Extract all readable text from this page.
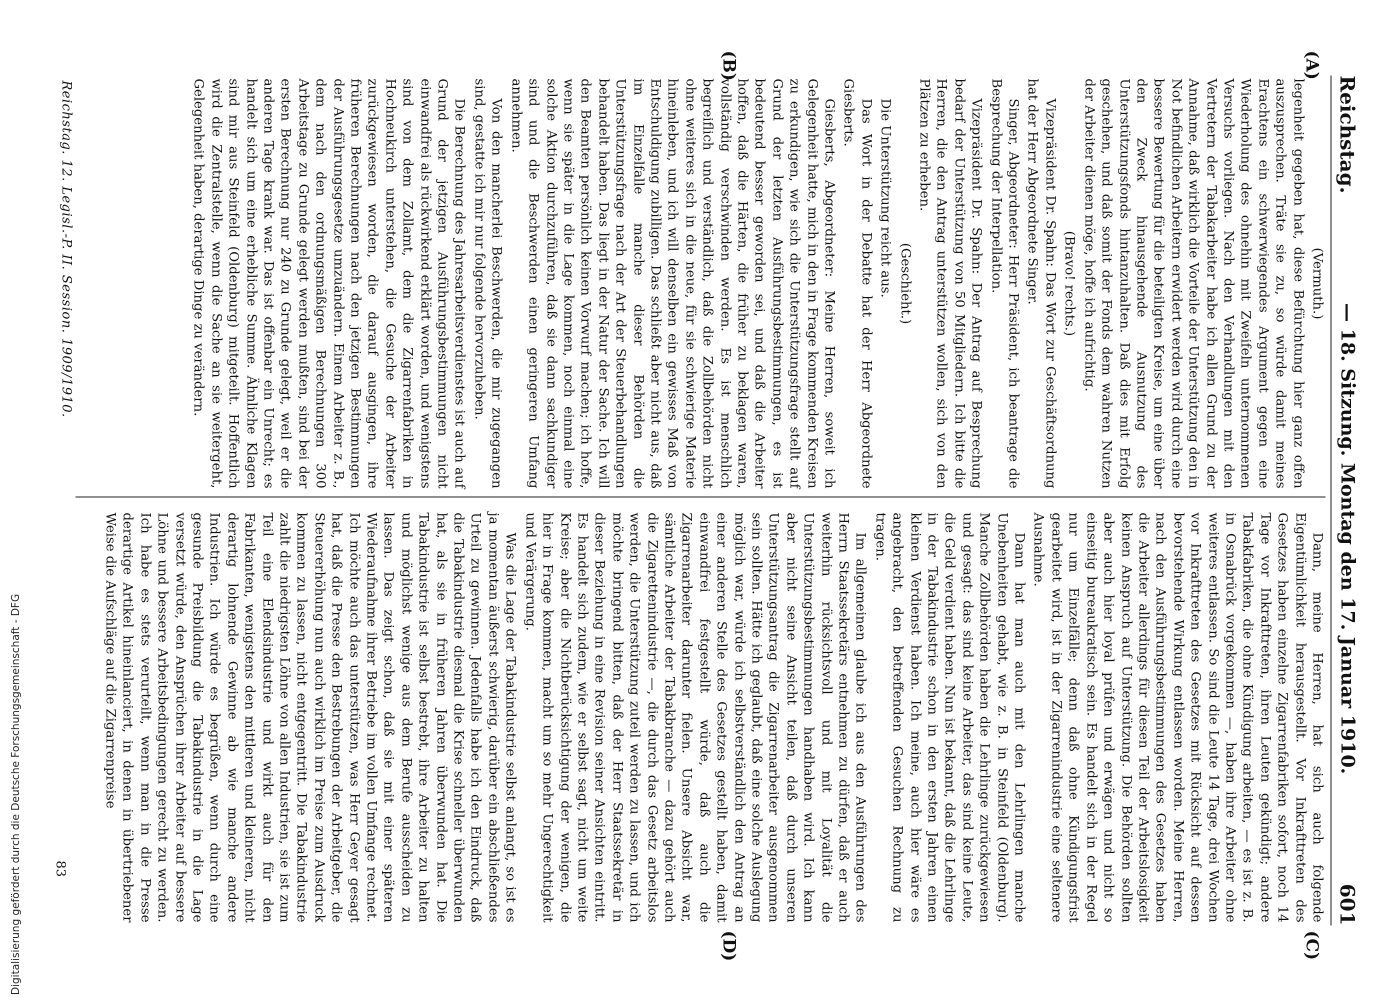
Reichstag.
— 18. Sitzung. Montag den 17. Januar 1910.
601
(A)
(B)
(C)
(D)

(Vermuth.)

legenheit gegeben hat, diese Befürchtung hier ganz offen auszusprechen. Träte sie zu, so würde damit meines Erachtens ein schwerwiegendes Argument gegen eine Wiederholung des ohnehin mit Zweifeln unternommenen Versuchs vorliegen. Nach den Verhandlungen mit den Vertretern der Tabakarbeiter habe ich allen Grund zu der Annahme, daß wirklich die Vorteile der Unterstützung den in Not befindlichen Arbeitern erwidert werden wird durch eine bessere Bewertung für die beteiligten Kreise, um eine über den Zweck hinausgehende Ausnutzung des Unterstützungsfonds hintanzuhalten. Daß dies mit Erfolg geschehen, und daß somit der Fonds dem wahren Nutzen der Arbeiter dienen möge, hoffe ich aufrichtig.

(Bravo! rechts.)

Vizepräsident Dr. Spahn: Das Wort zur Geschäftsordnung hat der Herr Abgeordnete Singer.

Singer, Abgeordneter: Herr Präsident, ich beantrage die Besprechung der Interpellation.

Vizepräsident Dr. Spahn: Der Antrag auf Besprechung bedarf der Unterstützung von 50 Mitgliedern. Ich bitte die Herren, die den Antrag unterstützen wollen, sich von den Plätzen zu erheben.

(Geschieht.)

Die Unterstützung reicht aus.

Das Wort in der Debatte hat der Herr Abgeordnete Giesberts.

Giesberts, Abgeordneter: Meine Herren, soweit ich Gelegenheit hatte, mich in den in Frage kommenden Kreisen zu erkundigen, wie sich die Unterstützungsfrage stellt auf Grund der letzten Ausführungsbestimmungen, es ist bedeutend besser geworden sei, und daß die Arbeiter hoffen, daß die Härten, die früher zu beklagen waren, vollständig verschwinden werden. Es ist menschlich begreiflich und verständlich, daß die Zollbehörden nicht ohne weiteres sich in die neue, für sie schwierige Materie hineinleben, und ich will denselben ein gewisses Maß von Entschuldigung zubilligen. Das schließt aber nicht aus, daß im Einzelfalle manche dieser Behörden die Unterstützungsfrage nach der Art der Steuerbehandlungen behandelt haben. Das liegt in der Natur der Sache. Ich will den Beamten persönlich keinen Vorwurf machen; ich hoffe, wenn sie später in die Lage kommen, noch einmal eine solche Aktion durchzuführen, daß sie dann sachkundiger sind und die Beschwerden einen geringeren Umfang annehmen.

Von den mancherlei Beschwerden, die mir zugegangen sind, gestatte ich mir nur folgende hervorzuheben.

Die Berechnung des Jahresarbeitsverdienstes ist auch auf Grund der jetzigen Ausführungsbestimmungen nicht einwandfrei als rückwirkend erklärt worden, und wenigstens sind von dem Zollamt, dem die Zigarrenfabriken in Hochneukirch unterstehen, die Gesuche der Arbeiter zurückgewiesen worden, die darauf ausgingen, ihre früheren Berechnungen nach den jetzigen Bestimmungen der Ausführungsgesetze umzuändern. Einem Arbeiter z. B., dem nach den ordnungsmäßigen Berechnungen 300 Arbeitstage zu Grunde gelegt werden mußten, sind bei der ersten Berechnung nur 240 zu Grunde gelegt, weil er die anderen Tage krank war. Das ist offenbar ein Unrecht; es handelt sich um eine erhebliche Summe. Ähnliche Klagen sind mir aus Steinfeld (Oldenburg) mitgeteilt. Hoffentlich wird die Zentralstelle, wenn die Sache an sie weitergeht, Gelegenheit haben, derartige Dinge zu verändern.

Dann, meine Herren, hat sich auch folgende Eigentümlichkeit herausgestellt. Vor Inkrafttreten des Gesetzes haben einzelne Zigarrenfabriken sofort, noch 14 Tage vor Inkrafttreten, ihren Leuten gekündigt; andere Tabakfabriken, die ohne Kündigung arbeiten, — es ist z. B. in Osnabrück vorgekommen —, haben ihre Arbeiter ohne weiteres entlassen. So sind die Leute 14 Tage, drei Wochen vor Inkrafttreten des Gesetzes mit Rücksicht auf dessen bevorstehende Wirkung entlassen worden. Meine Herren, nach den Ausführungsbestimmungen des Gesetzes haben die Arbeiter allerdings für diesen Teil der Arbeitslosigkeit keinen Anspruch auf Unterstützung. Die Behörden sollten aber auch hier loyal prüfen und erwägen und nicht so einseitig bureaukratisch sein. Es handelt sich in der Regel nur um Einzelfälle; denn daß ohne Kündigungsfrist gearbeitet wird, ist in der Zigarrenindustrie eine seltenere Ausnahme.

Dann hat man auch mit den Lehrlingen manche Unebenheiten gehabt, wie z. B. in Steinfeld (Oldenburg). Manche Zollbehörden haben die Lehrlinge zurückgewiesen und gesagt: das sind keine Arbeiter, das sind keine Leute, die Geld verdient haben. Nun ist bekannt, daß die Lehrlinge in der Tabakindustrie schon in den ersten Jahren einen kleinen Verdienst haben. Ich meine, auch hier wäre es angebracht, den betreffenden Gesuchen Rechnung zu tragen.

Im allgemeinen glaube ich aus den Ausführungen des Herrn Staatssekretärs entnehmen zu dürfen, daß er auch weiterhin rücksichtsvoll und mit Loyalität die Unterstützungsbestimmungen handhaben wird. Ich kann aber nicht seine Ansicht teilen, daß durch unseren Unterstützungsantrag die Zigarrenarbeiter ausgenommen sein sollten. Hätte ich geglaubt, daß eine solche Auslegung möglich war, würde ich selbstverständlich den Antrag an einer anderen Stelle des Gesetzes gestellt haben, damit einwandfrei festgestellt würde, daß auch die Zigarrenarbeiter darunter fielen. Unsere Absicht war, sämtliche Arbeiter der Tabakbranche — dazu gehört auch die Zigarettenindustrie —, die durch das Gesetz arbeitslos werden, die Unterstützung zuteil werden zu lassen, und ich möchte bringend bitten, daß der Herr Staatssekretär in dieser Beziehung in eine Revision seiner Ansichten eintritt. Es handelt sich zudem, wie er selbst sagt, nicht um weite Kreise; aber die Nichtberücksichtigung der wenigen, die hier in Frage kommen, macht um so mehr Ungerechtigkeit und Verärgerung.

Was die Lage der Tabakindustrie selbst anlangt, so ist es ja momentan äußerst schwierig, darüber ein abschließendes Urteil zu gewinnen. Jedenfalls habe ich den Eindruck, daß die Tabakindustrie diesmal die Krise schneller überwunden hat, als sie in früheren Jahren überwunden hat. Die Tabakindustrie ist selbst bestrebt, ihre Arbeiter zu halten und möglichst wenige aus dem Berufe ausscheiden zu lassen. Das zeigt schon, daß sie mit einer späteren Wiederaufnahme ihrer Betriebe im vollen Umfange rechnet. Ich möchte auch das unterstützen, was Herr Geyer gesagt hat, daß die Presse den Bestrebungen der Arbeitgeber, die Steuererhöhung nun auch wirklich im Preise zum Ausdruck kommen zu lassen, nicht entgegentritt. Die Tabakindustrie zahlt die niedrigsten Löhne von allen Industrien, sie ist zum Teil eine Elendsindustrie und wirkt auch für den Fabrikanten, wenigstens den mittleren und kleineren, nicht derartig lohnende Gewinne ab wie manche andere Industrien. Ich würde es begrüßen, wenn durch eine gesunde Preisbildung die Tabakindustrie in die Lage versetzt würde, den Ansprüchen ihrer Arbeiter auf bessere Löhne und bessere Arbeitsbedingungen gerecht zu werden. Ich habe es stets verurteilt, wenn man in die Presse derartige Artikel hineinlanciert, in denen in übertriebener Weise die Aufschläge auf die Zigarrenpreise

Reichstag. 12. Legisl.-P. II. Session. 1909/1910.
83
Digitalisierung gefördert durch die Deutsche Forschungsgemeinschaft - DFG
